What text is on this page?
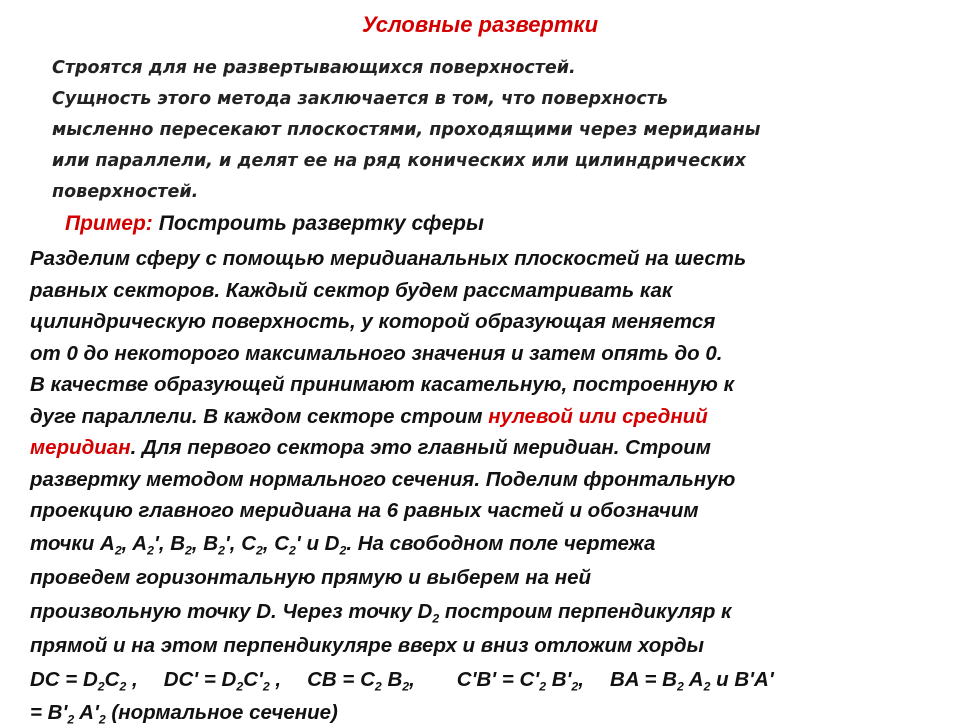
Условные развертки
Строятся для не развертывающихся поверхностей.
Сущность этого метода заключается в том, что поверхность
мысленно пересекают плоскостями, проходящими через меридианы
или параллели, и делят ее на ряд конических или цилиндрических
поверхностей.
Пример: Построить развертку сферы
Разделим сферу с помощью меридианальных плоскостей на шесть
равных секторов. Каждый сектор будем рассматривать как
цилиндрическую поверхность, у которой образующая меняется
от 0 до некоторого максимального значения и затем опять до 0.
В качестве образующей принимают касательную, построенную к
дуге параллели. В каждом секторе строим нулевой или средний
меридиан. Для первого сектора это главный меридиан. Строим
развертку методом нормального сечения. Поделим фронтальную
проекцию главного меридиана на 6 равных частей и обозначим
точки $A_2$, $A_2'$, $B_2$, $B_2'$, $C_2$, $C_2'$ и $D_2$. На свободном поле чертежа
проведем горизонтальную прямую и выберем на ней
произвольную точку D. Через точку $D_2$ построим перпендикуляр к
прямой и на этом перпендикуляре вверх и вниз отложим хорды
DC = $D_2C_2$ , $DC' = D_2C'_2$ , CB = $C_2$ $B_2$, $C'B' = C'_2$ $B'_2$, BA = $B_2$ $A_2$ и B'A'
= $B'_2$ $A'_2$ (нормальное сечение)
